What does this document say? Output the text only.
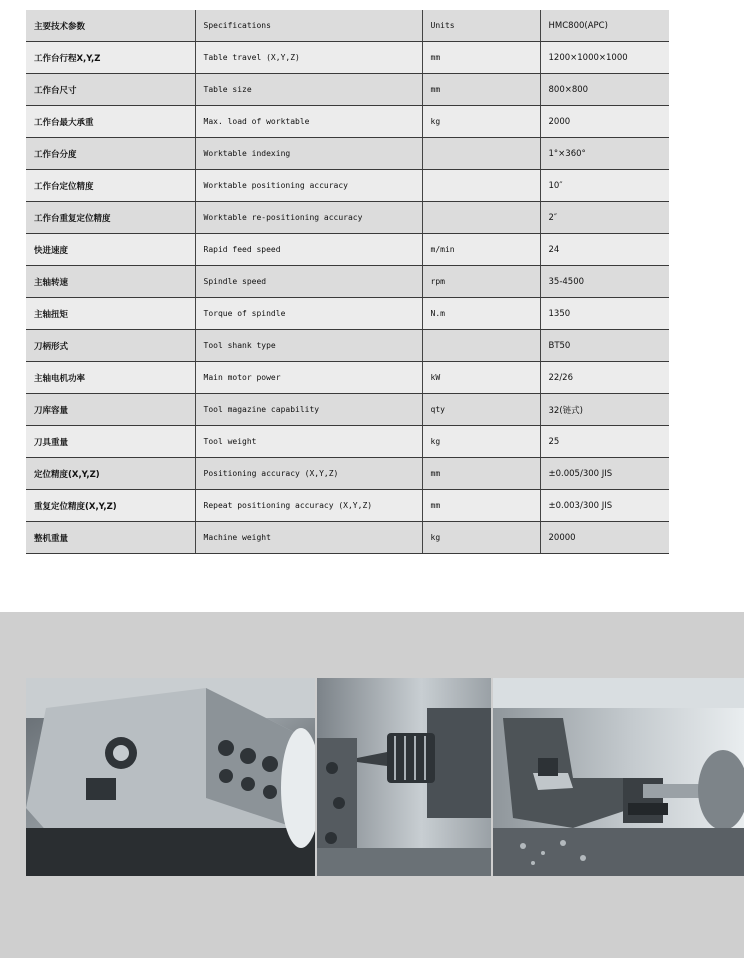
主要技术参数	Specifications	Units	HMC800(APC)
工作台行程X,Y,Z	Table travel (X,Y,Z)	mm	1200×1000×1000
工作台尺寸	Table size	mm	800×800
工作台最大承重	Max. load of worktable	kg	2000
工作台分度	Worktable indexing		1°×360°
工作台定位精度	Worktable positioning accuracy		10″
工作台重复定位精度	Worktable re-positioning accuracy		2″
快进速度	Rapid feed speed	m/min	24
主轴转速	Spindle speed	rpm	35-4500
主轴扭矩	Torque of spindle	N.m	1350
刀柄形式	Tool shank type		BT50
主轴电机功率	Main motor power	kW	22/26
刀库容量	Tool magazine capability	qty	32(链式)
刀具重量	Tool weight	kg	25
定位精度(X,Y,Z)	Positioning accuracy (X,Y,Z)	mm	±0.005/300 JIS
重复定位精度(X,Y,Z)	Repeat positioning accuracy (X,Y,Z)	mm	±0.003/300 JIS
整机重量	Machine weight	kg	20000
